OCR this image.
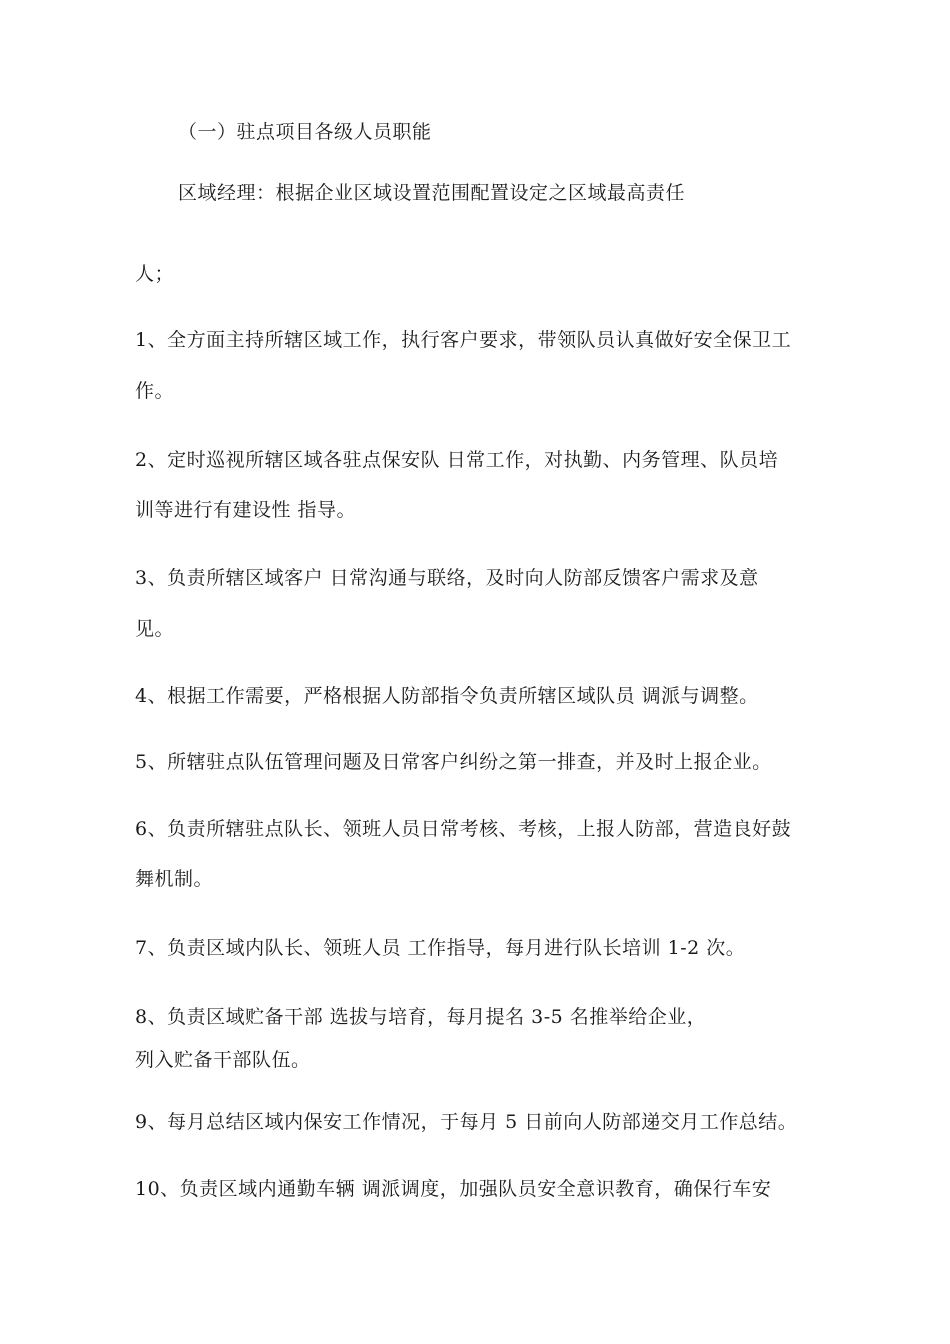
（一）驻点项目各级人员职能

区域经理：根据企业区域设置范围配置设定之区域最高责任

人；

1、全方面主持所辖区域工作，执行客户要求，带领队员认真做好安全保卫工

作。

2、定时巡视所辖区域各驻点保安队 日常工作，对执勤、内务管理、队员培

训等进行有建设性 指导。

3、负责所辖区域客户 日常沟通与联络，及时向人防部反馈客户需求及意

见。

4、根据工作需要，严格根据人防部指令负责所辖区域队员 调派与调整。

5、所辖驻点队伍管理问题及日常客户纠纷之第一排查，并及时上报企业。

6、负责所辖驻点队长、领班人员日常考核、考核，上报人防部，营造良好鼓

舞机制。

7、负责区域内队长、领班人员 工作指导，每月进行队长培训 1-2 次。

8、负责区域贮备干部 选拔与培育，每月提名 3-5 名推举给企业，

列入贮备干部队伍。

9、每月总结区域内保安工作情况，于每月 5 日前向人防部递交月工作总结。

10、负责区域内通勤车辆 调派调度，加强队员安全意识教育，确保行车安
